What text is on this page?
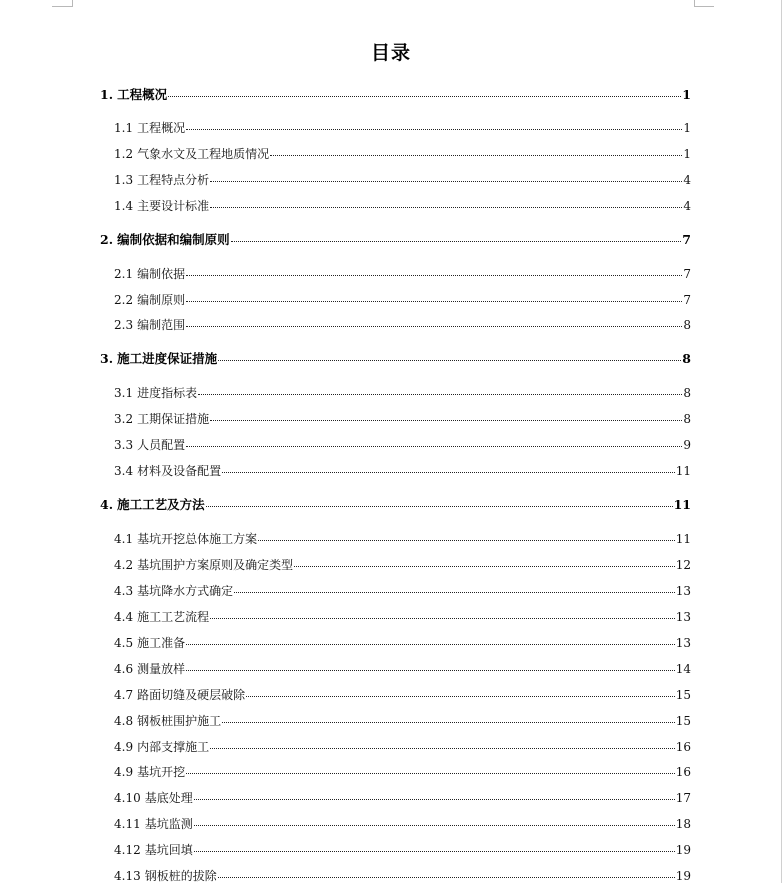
目录
1. 工程概况	1
1.1 工程概况	1
1.2 气象水文及工程地质情况	1
1.3 工程特点分析	4
1.4 主要设计标准	4
2. 编制依据和编制原则	7
2.1 编制依据	7
2.2 编制原则	7
2.3 编制范围	8
3. 施工进度保证措施	8
3.1 进度指标表	8
3.2 工期保证措施	8
3.3 人员配置	9
3.4 材料及设备配置	11
4. 施工工艺及方法	11
4.1 基坑开挖总体施工方案	11
4.2 基坑围护方案原则及确定类型	12
4.3 基坑降水方式确定	13
4.4 施工工艺流程	13
4.5 施工准备	13
4.6 测量放样	14
4.7 路面切缝及硬层破除	15
4.8 钢板桩围护施工	15
4.9 内部支撑施工	16
4.9 基坑开挖	16
4.10 基底处理	17
4.11 基坑监测	18
4.12 基坑回填	19
4.13 钢板桩的拔除	19
